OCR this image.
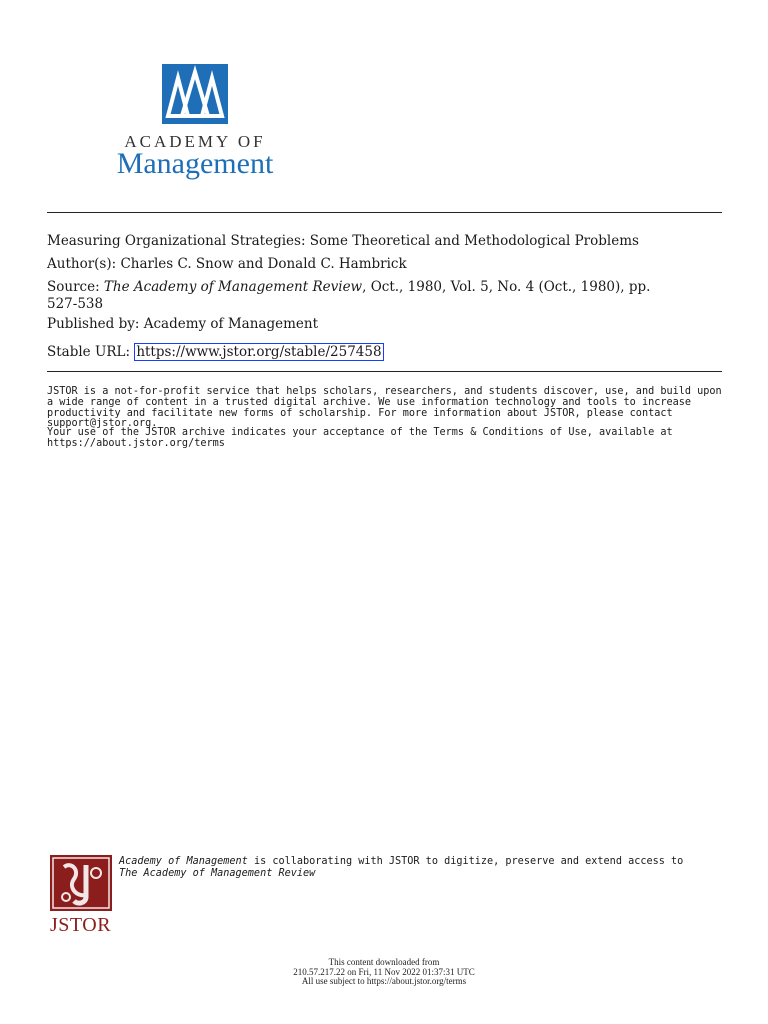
ACADEMY OF
Management
Measuring Organizational Strategies: Some Theoretical and Methodological Problems
Author(s): Charles C. Snow and Donald C. Hambrick
Source: The Academy of Management Review, Oct., 1980, Vol. 5, No. 4 (Oct., 1980), pp.
527-538
Published by: Academy of Management
Stable URL: https://www.jstor.org/stable/257458
JSTOR is a not-for-profit service that helps scholars, researchers, and students discover, use, and build upon a wide range of content in a trusted digital archive. We use information technology and tools to increase productivity and facilitate new forms of scholarship. For more information about JSTOR, please contact support@jstor.org.
Your use of the JSTOR archive indicates your acceptance of the Terms & Conditions of Use, available at https://about.jstor.org/terms
JSTOR
Academy of Management is collaborating with JSTOR to digitize, preserve and extend access to
The Academy of Management Review
This content downloaded from
210.57.217.22 on Fri, 11 Nov 2022 01:37:31 UTC
All use subject to https://about.jstor.org/terms
